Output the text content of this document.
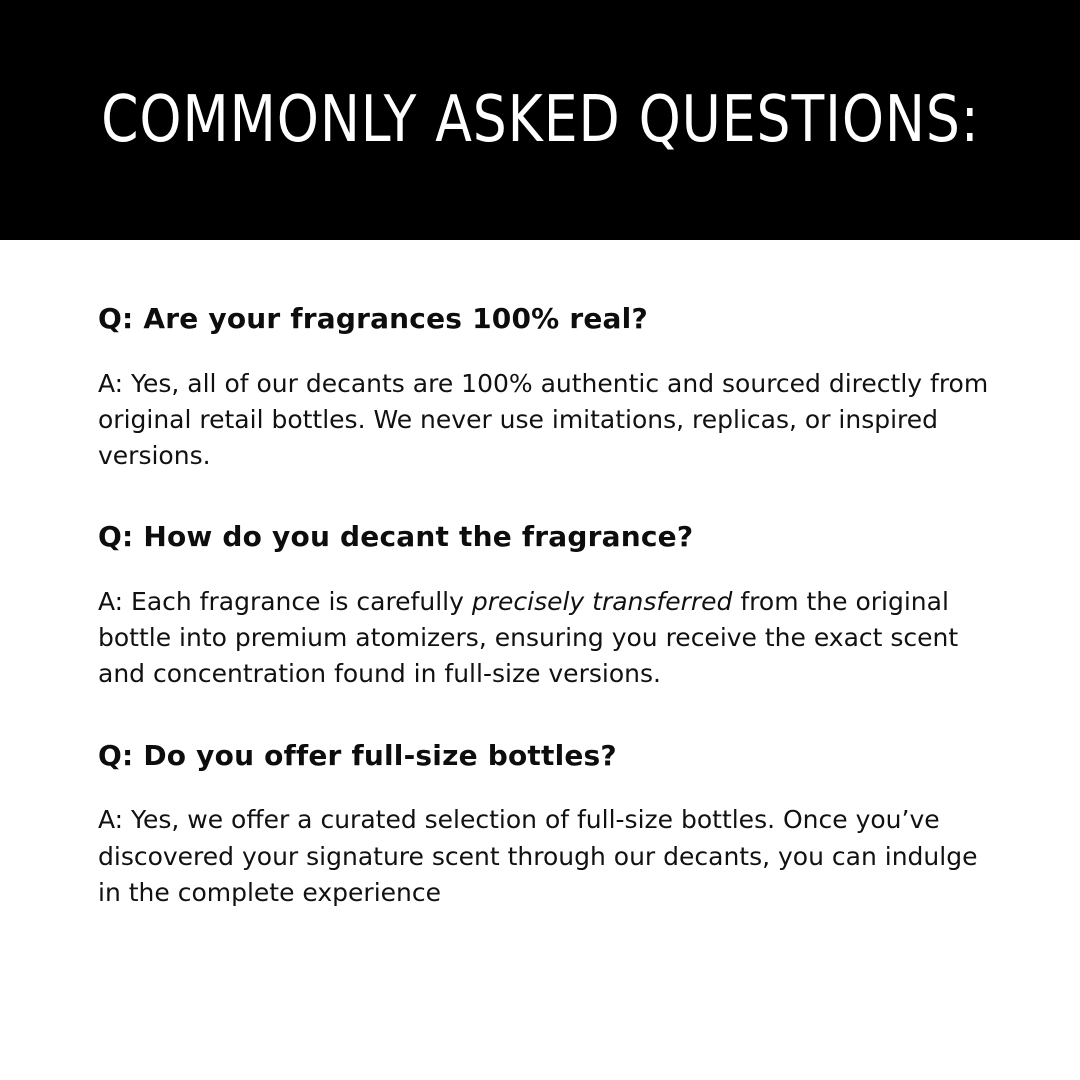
COMMONLY ASKED QUESTIONS:
Q: Are your fragrances 100% real?
A: Yes, all of our decants are 100% authentic and sourced directly from original retail bottles. We never use imitations, replicas, or inspired versions.
Q: How do you decant the fragrance?
A: Each fragrance is carefully precisely transferred from the original bottle into premium atomizers, ensuring you receive the exact scent and concentration found in full-size versions.
Q: Do you offer full-size bottles?
A: Yes, we offer a curated selection of full-size bottles. Once you’ve discovered your signature scent through our decants, you can indulge in the complete experience
